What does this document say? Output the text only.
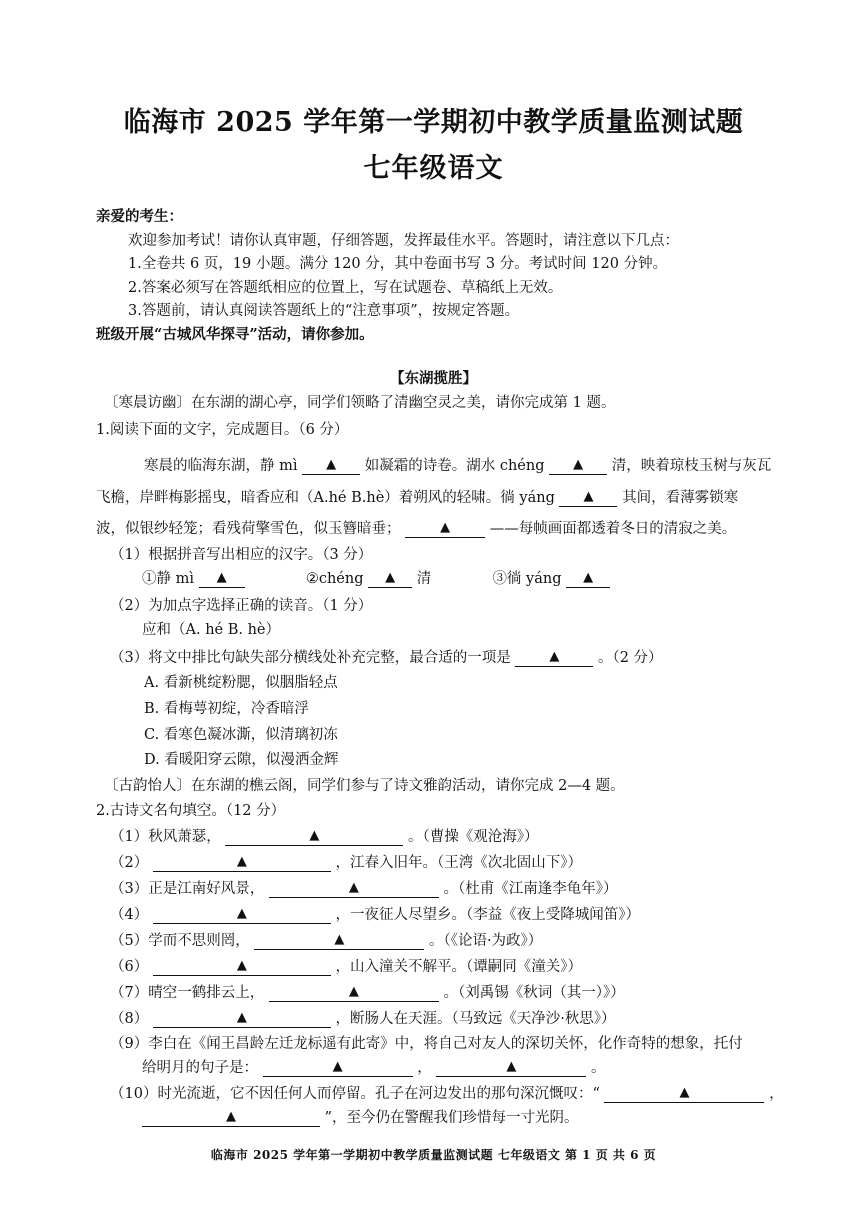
临海市 2025 学年第一学期初中教学质量监测试题
七年级语文
亲爱的考生：
欢迎参加考试！请你认真审题，仔细答题，发挥最佳水平。答题时，请注意以下几点：
1.全卷共 6 页，19 小题。满分 120 分，其中卷面书写 3 分。考试时间 120 分钟。
2.答案必须写在答题纸相应的位置上，写在试题卷、草稿纸上无效。
3.答题前，请认真阅读答题纸上的“注意事项”，按规定答题。
班级开展“古城风华探寻”活动，请你参加。
【东湖揽胜】
〔寒晨访幽〕在东湖的湖心亭，同学们领略了清幽空灵之美，请你完成第 1 题。
1.阅读下面的文字，完成题目。（6 分）
寒晨的临海东湖，静 mì ▲ 如凝霜的诗卷。湖水 chéng ▲ 清，映着琼枝玉树与灰瓦
飞檐，岸畔梅影摇曳，暗香应和（A.hé B.hè）着朔风的轻啸。徜 yáng ▲ 其间，看薄雾锁寒
波，似银纱轻笼；看残荷擎雪色，似玉簪暗垂；	▲	——每帧画面都透着冬日的清寂之美。
（1）根据拼音写出相应的汉字。（3 分）
①静 mì ▲	②chéng ▲ 清	③徜 yáng ▲
（2）为加点字选择正确的读音。（1 分）
应和（A. hé B. hè）
（3）将文中排比句缺失部分横线处补充完整，最合适的一项是	▲	。（2 分）
A. 看新桃绽粉腮，似胭脂轻点
B. 看梅萼初绽，冷香暗浮
C. 看寒色凝冰澌，似清璃初冻
D. 看暖阳穿云隙，似漫洒金辉
〔古韵怡人〕在东湖的樵云阁，同学们参与了诗文雅韵活动，请你完成 2—4 题。
2.古诗文名句填空。（12 分）
（1）秋风萧瑟，	▲	。（曹操《观沧海》）
（2）	▲	，江春入旧年。（王湾《次北固山下》）
（3）正是江南好风景，	▲	。（杜甫《江南逢李龟年》）
（4）	▲	，一夜征人尽望乡。（李益《夜上受降城闻笛》）
（5）学而不思则罔，	▲	。（《论语·为政》）
（6）	▲	，山入潼关不解平。（谭嗣同《潼关》）
（7）晴空一鹤排云上，	▲	。（刘禹锡《秋词（其一）》）
（8）	▲	，断肠人在天涯。（马致远《天净沙·秋思》）
（9）李白在《闻王昌龄左迁龙标遥有此寄》中，将自己对友人的深切关怀，化作奇特的想象，托付
给明月的句子是：	▲	，	▲	。
（10）时光流逝，它不因任何人而停留。孔子在河边发出的那句深沉慨叹：“	▲	，
▲	”，至今仍在警醒我们珍惜每一寸光阴。
临海市 2025 学年第一学期初中教学质量监测试题 七年级语文 第 1 页 共 6 页
